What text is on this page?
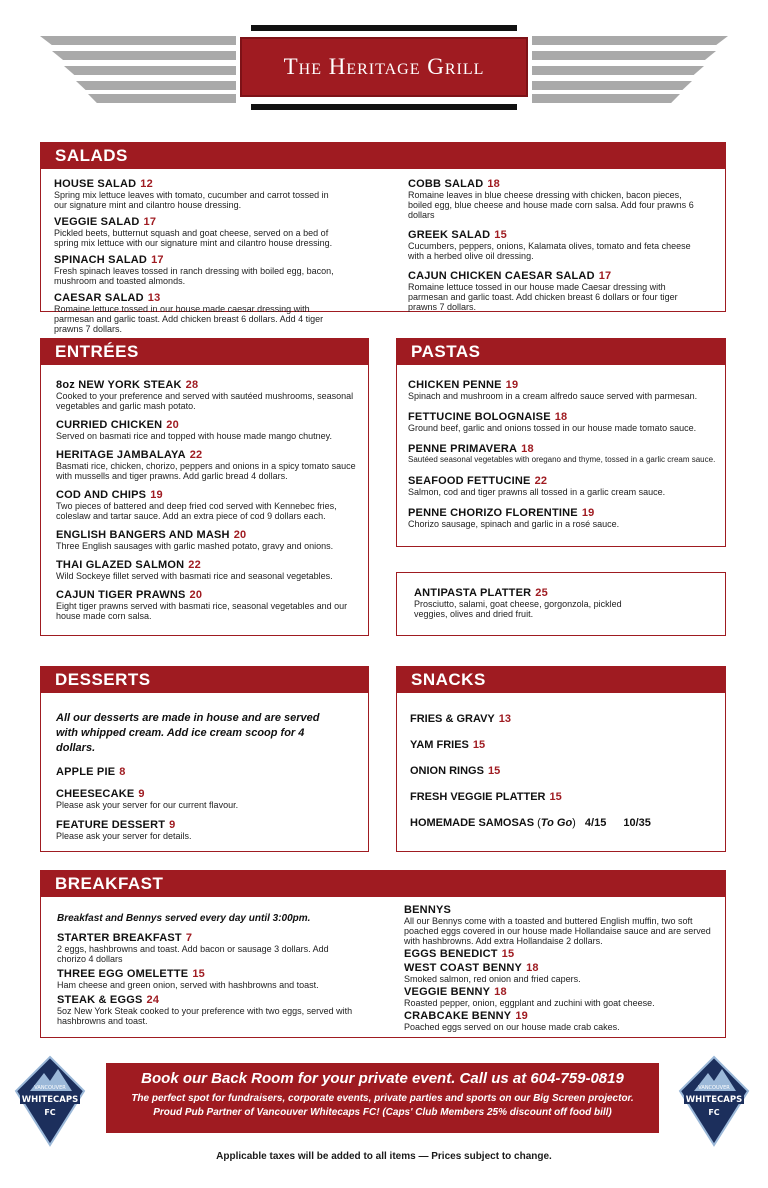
The Heritage Grill
SALADS
HOUSE SALAD 12
Spring mix lettuce leaves with tomato, cucumber and carrot tossed in our signature mint and cilantro house dressing.
VEGGIE SALAD 17
Pickled beets, butternut squash and goat cheese, served on a bed of spring mix lettuce with our signature mint and cilantro house dressing.
SPINACH SALAD 17
Fresh spinach leaves tossed in ranch dressing with boiled egg, bacon, mushroom and toasted almonds.
CAESAR SALAD 13
Romaine lettuce tossed in our house made caesar dressing with parmesan and garlic toast. Add chicken breast 6 dollars. Add 4 tiger prawns 7 dollars.
COBB SALAD 18
Romaine leaves in blue cheese dressing with chicken, bacon pieces, boiled egg, blue cheese and house made corn salsa. Add four prawns 6 dollars
GREEK SALAD 15
Cucumbers, peppers, onions, Kalamata olives, tomato and feta cheese with a herbed olive oil dressing.
CAJUN CHICKEN CAESAR SALAD 17
Romaine lettuce tossed in our house made Caesar dressing with parmesan and garlic toast. Add chicken breast 6 dollars or four tiger prawns 7 dollars.
ENTRÉES
8oz NEW YORK STEAK 28
Cooked to your preference and served with sautéed mushrooms, seasonal vegetables and garlic mash potato.
CURRIED CHICKEN 20
Served on basmati rice and topped with house made mango chutney.
HERITAGE JAMBALAYA 22
Basmati rice, chicken, chorizo, peppers and onions in a spicy tomato sauce with mussells and tiger prawns. Add garlic bread 4 dollars.
COD AND CHIPS 19
Two pieces of battered and deep fried cod served with Kennebec fries, coleslaw and tartar sauce. Add an extra piece of cod 9 dollars each.
ENGLISH BANGERS AND MASH 20
Three English sausages with garlic mashed potato, gravy and onions.
THAI GLAZED SALMON 22
Wild Sockeye fillet served with basmati rice and seasonal vegetables.
CAJUN TIGER PRAWNS 20
Eight tiger prawns served with basmati rice, seasonal vegetables and our house made corn salsa.
PASTAS
CHICKEN PENNE 19
Spinach and mushroom in a cream alfredo sauce served with parmesan.
FETTUCINE BOLOGNAISE 18
Ground beef, garlic and onions tossed in our house made tomato sauce.
PENNE PRIMAVERA 18
Sautéed seasonal vegetables with oregano and thyme, tossed in a garlic cream sauce.
SEAFOOD FETTUCINE 22
Salmon, cod and tiger prawns all tossed in a garlic cream sauce.
PENNE CHORIZO FLORENTINE 19
Chorizo sausage, spinach and garlic in a rosé sauce.
ANTIPASTA PLATTER 25
Prosciutto, salami, goat cheese, gorgonzola, pickled veggies, olives and dried fruit.
DESSERTS
All our desserts are made in house and are served with whipped cream. Add ice cream scoop for 4 dollars.
APPLE PIE 8
CHEESECAKE 9
Please ask your server for our current flavour.
FEATURE DESSERT 9
Please ask your server for details.
SNACKS
FRIES & GRAVY 13
YAM FRIES 15
ONION RINGS 15
FRESH VEGGIE PLATTER 15
HOMEMADE SAMOSAS (To Go) 4/15 10/35
BREAKFAST
Breakfast and Bennys served every day until 3:00pm.
STARTER BREAKFAST 7
2 eggs, hashbrowns and toast. Add bacon or sausage 3 dollars. Add chorizo 4 dollars
THREE EGG OMELETTE 15
Ham cheese and green onion, served with hashbrowns and toast.
STEAK & EGGS 24
5oz New York Steak cooked to your preference with two eggs, served with hashbrowns and toast.
BENNYS
All our Bennys come with a toasted and buttered English muffin, two soft poached eggs covered in our house made Hollandaise sauce and are served with hashbrowns. Add extra Hollandaise 2 dollars.
EGGS BENEDICT 15
WEST COAST BENNY 18
Smoked salmon, red onion and fried capers.
VEGGIE BENNY 18
Roasted pepper, onion, eggplant and zuchini with goat cheese.
CRABCAKE BENNY 19
Poached eggs served on our house made crab cakes.
VANCOUVER
WHITECAPS
FC
VANCOUVER
WHITECAPS
FC
Book our Back Room for your private event. Call us at 604-759-0819
The perfect spot for fundraisers, corporate events, private parties and sports on our Big Screen projector.
Proud Pub Partner of Vancouver Whitecaps FC! (Caps' Club Members 25% discount off food bill)
Applicable taxes will be added to all items — Prices subject to change.
